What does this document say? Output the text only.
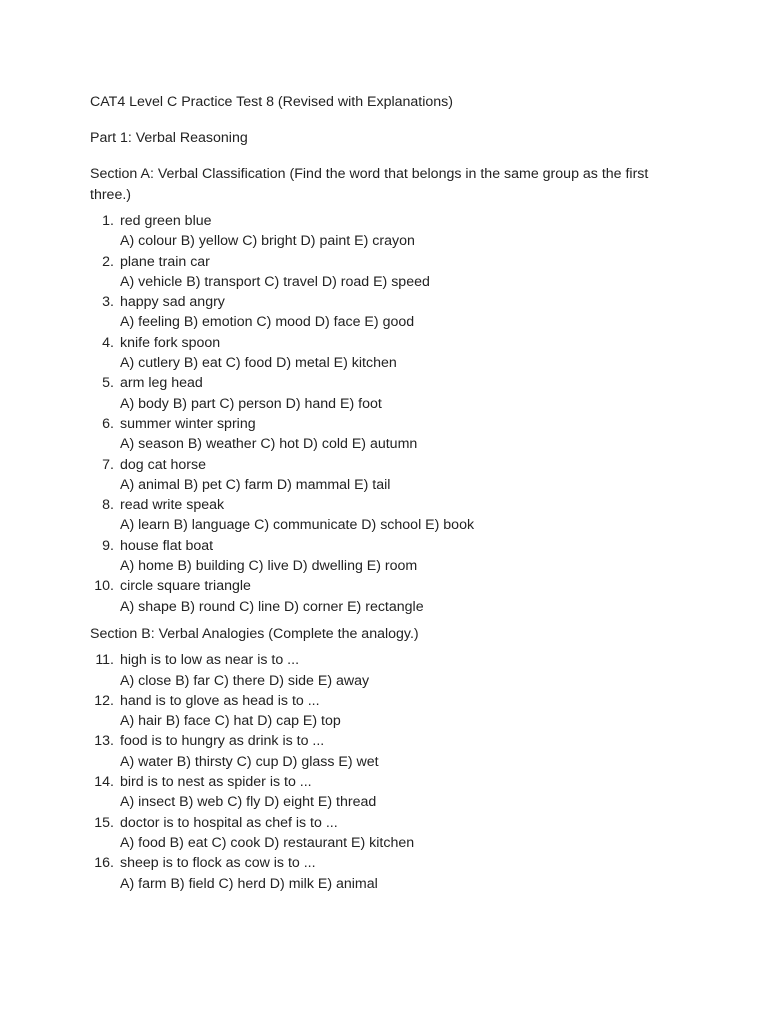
CAT4 Level C Practice Test 8 (Revised with Explanations)
Part 1: Verbal Reasoning
Section A: Verbal Classification (Find the word that belongs in the same group as the first three.)
1. red green blue
A) colour B) yellow C) bright D) paint E) crayon
2. plane train car
A) vehicle B) transport C) travel D) road E) speed
3. happy sad angry
A) feeling B) emotion C) mood D) face E) good
4. knife fork spoon
A) cutlery B) eat C) food D) metal E) kitchen
5. arm leg head
A) body B) part C) person D) hand E) foot
6. summer winter spring
A) season B) weather C) hot D) cold E) autumn
7. dog cat horse
A) animal B) pet C) farm D) mammal E) tail
8. read write speak
A) learn B) language C) communicate D) school E) book
9. house flat boat
A) home B) building C) live D) dwelling E) room
10. circle square triangle
A) shape B) round C) line D) corner E) rectangle
Section B: Verbal Analogies (Complete the analogy.)
11. high is to low as near is to ...
A) close B) far C) there D) side E) away
12. hand is to glove as head is to ...
A) hair B) face C) hat D) cap E) top
13. food is to hungry as drink is to ...
A) water B) thirsty C) cup D) glass E) wet
14. bird is to nest as spider is to ...
A) insect B) web C) fly D) eight E) thread
15. doctor is to hospital as chef is to ...
A) food B) eat C) cook D) restaurant E) kitchen
16. sheep is to flock as cow is to ...
A) farm B) field C) herd D) milk E) animal
